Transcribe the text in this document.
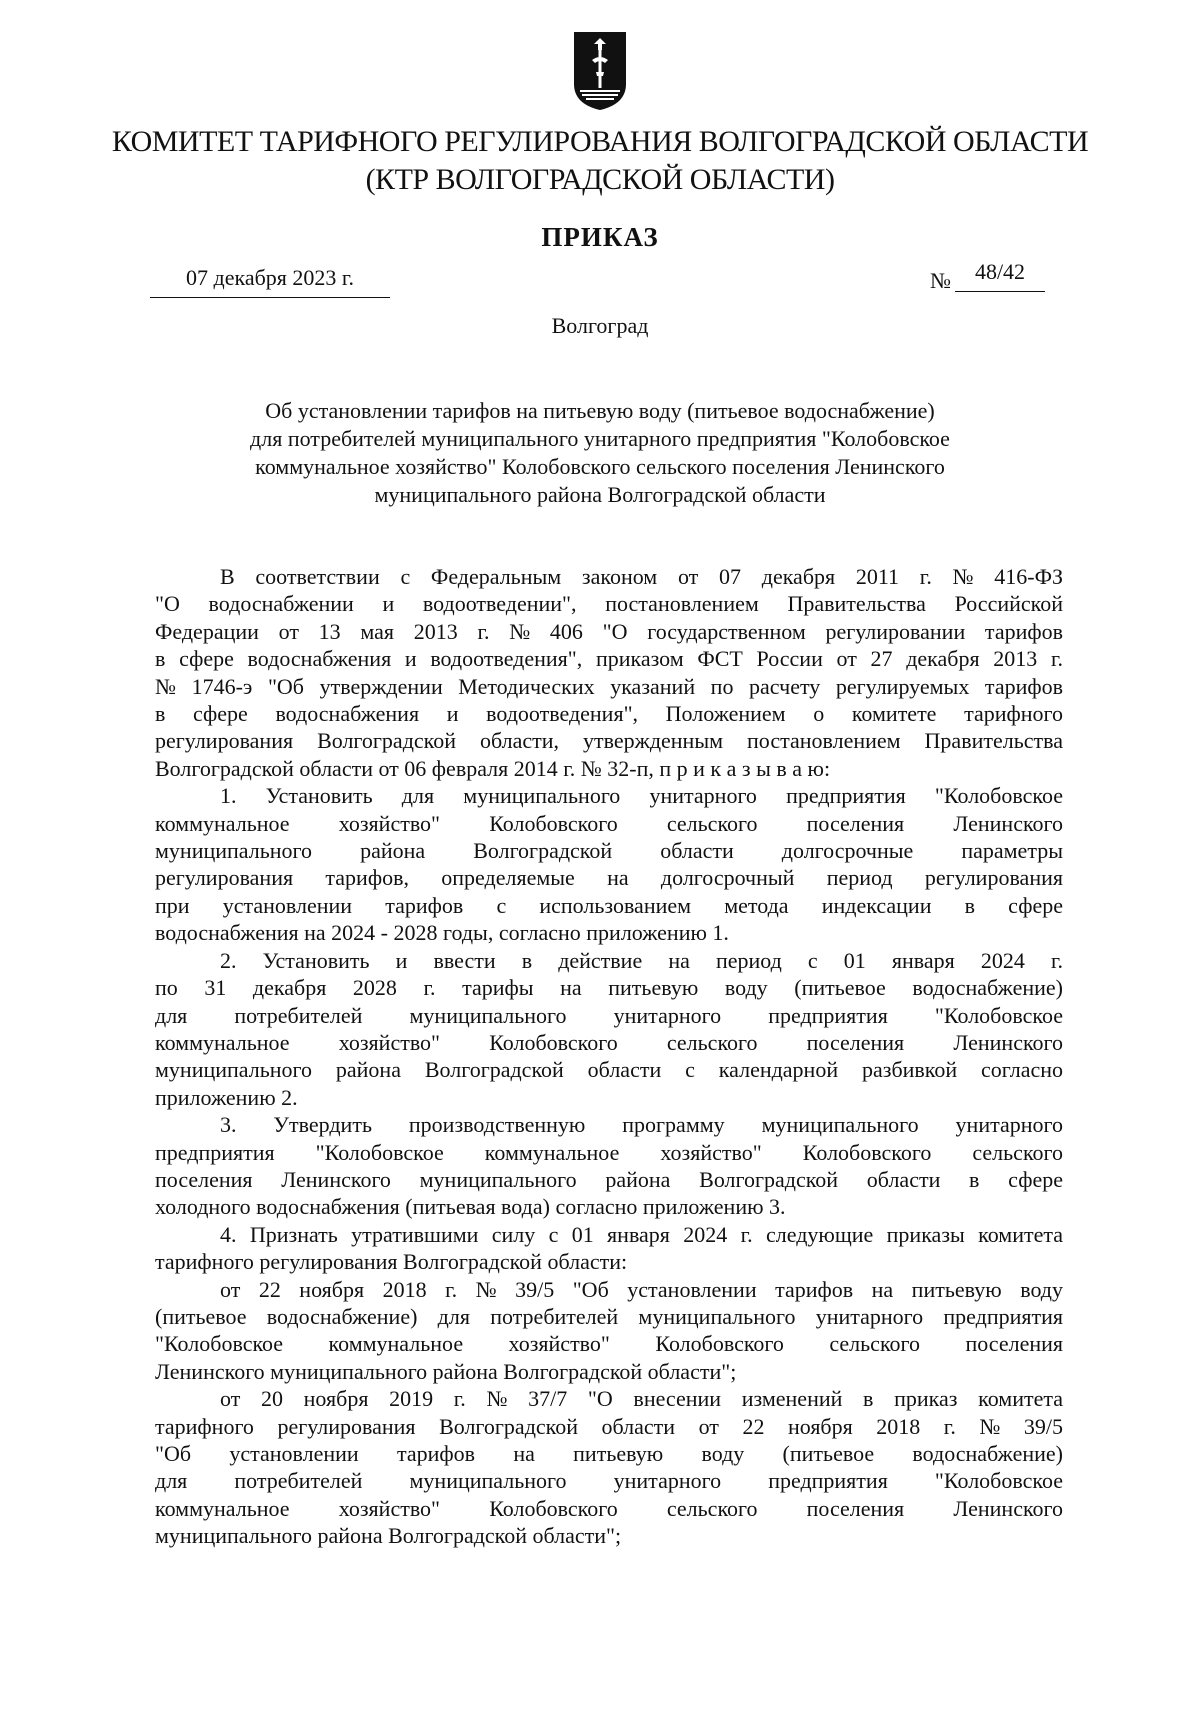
КОМИТЕТ ТАРИФНОГО РЕГУЛИРОВАНИЯ ВОЛГОГРАДСКОЙ ОБЛАСТИ
(КТР ВОЛГОГРАДСКОЙ ОБЛАСТИ)
ПРИКАЗ
07 декабря 2023 г.	№ 48/42
Волгоград
Об установлении тарифов на питьевую воду (питьевое водоснабжение)
для потребителей муниципального унитарного предприятия "Колобовское
коммунальное хозяйство" Колобовского сельского поселения Ленинского
муниципального района Волгоградской области
В соответствии с Федеральным законом от 07 декабря 2011 г. № 416-ФЗ
"О водоснабжении и водоотведении", постановлением Правительства Российской
Федерации от 13 мая 2013 г. № 406 "О государственном регулировании тарифов
в сфере водоснабжения и водоотведения", приказом ФСТ России от 27 декабря 2013 г.
№ 1746-э "Об утверждении Методических указаний по расчету регулируемых тарифов
в сфере водоснабжения и водоотведения", Положением о комитете тарифного
регулирования Волгоградской области, утвержденным постановлением Правительства
Волгоградской области от 06 февраля 2014 г. № 32-п, п р и к а з ы в а ю:
1. Установить для муниципального унитарного предприятия "Колобовское
коммунальное хозяйство" Колобовского сельского поселения Ленинского
муниципального района Волгоградской области долгосрочные параметры
регулирования тарифов, определяемые на долгосрочный период регулирования
при установлении тарифов с использованием метода индексации в сфере
водоснабжения на 2024 - 2028 годы, согласно приложению 1.
2. Установить и ввести в действие на период с 01 января 2024 г.
по 31 декабря 2028 г. тарифы на питьевую воду (питьевое водоснабжение)
для потребителей муниципального унитарного предприятия "Колобовское
коммунальное хозяйство" Колобовского сельского поселения Ленинского
муниципального района Волгоградской области с календарной разбивкой согласно
приложению 2.
3. Утвердить производственную программу муниципального унитарного
предприятия "Колобовское коммунальное хозяйство" Колобовского сельского
поселения Ленинского муниципального района Волгоградской области в сфере
холодного водоснабжения (питьевая вода) согласно приложению 3.
4. Признать утратившими силу с 01 января 2024 г. следующие приказы комитета
тарифного регулирования Волгоградской области:
от 22 ноября 2018 г. № 39/5 "Об установлении тарифов на питьевую воду
(питьевое водоснабжение) для потребителей муниципального унитарного предприятия
"Колобовское коммунальное хозяйство" Колобовского сельского поселения
Ленинского муниципального района Волгоградской области";
от 20 ноября 2019 г. № 37/7 "О внесении изменений в приказ комитета
тарифного регулирования Волгоградской области от 22 ноября 2018 г. № 39/5
"Об установлении тарифов на питьевую воду (питьевое водоснабжение)
для потребителей муниципального унитарного предприятия "Колобовское
коммунальное хозяйство" Колобовского сельского поселения Ленинского
муниципального района Волгоградской области";
